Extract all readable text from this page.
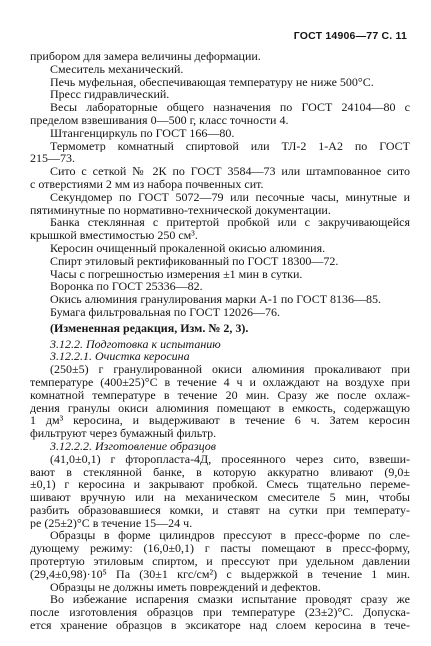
ГОСТ 14906—77 С. 11
прибором для замера величины деформации.
Смеситель механический.
Печь муфельная, обеспечивающая температуру не ниже 500°С.
Пресс гидравлический.
Весы лабораторные общего назначения по ГОСТ 24104—80 с
пределом взвешивания 0—500 г, класс точности 4.
Штангенциркуль по ГОСТ 166—80.
Термометр комнатный спиртовой или ТЛ-2 1-А2 по ГОСТ
215—73.
Сито с сеткой № 2К по ГОСТ 3584—73 или штампованное сито
с отверстиями 2 мм из набора почвенных сит.
Секундомер по ГОСТ 5072—79 или песочные часы, минутные и
пятиминутные по нормативно-технической документации.
Банка стеклянная с притертой пробкой или с закручивающейся
крышкой вместимостью 250 см³.
Керосин очищенный прокаленной окисью алюминия.
Спирт этиловый ректификованный по ГОСТ 18300—72.
Часы с погрешностью измерения ±1 мин в сутки.
Воронка по ГОСТ 25336—82.
Окись алюминия гранулирования марки А-1 по ГОСТ 8136—85.
Бумага фильтровальная по ГОСТ 12026—76.
(Измененная редакция, Изм. № 2, 3).
3.12.2. Подготовка к испытанию
3.12.2.1. Очистка керосина
(250±5) г гранулированной окиси алюминия прокаливают при
температуре (400±25)°С в течение 4 ч и охлаждают на воздухе при
комнатной температуре в течение 20 мин. Сразу же после охлаж-
дения гранулы окиси алюминия помещают в емкость, содержащую
1 дм³ керосина, и выдерживают в течение 6 ч. Затем керосин
фильтруют через бумажный фильтр.
3.12.2.2. Изготовление образцов
(41,0±0,1) г фторопласта-4Д, просеянного через сито, взвеши-
вают в стеклянной банке, в которую аккуратно вливают (9,0±
±0,1) г керосина и закрывают пробкой. Смесь тщательно переме-
шивают вручную или на механическом смесителе 5 мин, чтобы
разбить образовавшиеся комки, и ставят на сутки при температу-
ре (25±2)°С в течение 15—24 ч.
Образцы в форме цилиндров прессуют в пресс-форме по сле-
дующему режиму: (16,0±0,1) г пасты помещают в пресс-форму,
протертую этиловым спиртом, и прессуют при удельном давлении
(29,4±0,98)·10⁵ Па (30±1 кгс/см²) с выдержкой в течение 1 мин.
Образцы не должны иметь повреждений и дефектов.
Во избежание испарения смазки испытание проводят сразу же
после изготовления образцов при температуре (23±2)°С. Допуска-
ется хранение образцов в эксикаторе над слоем керосина в тече-
